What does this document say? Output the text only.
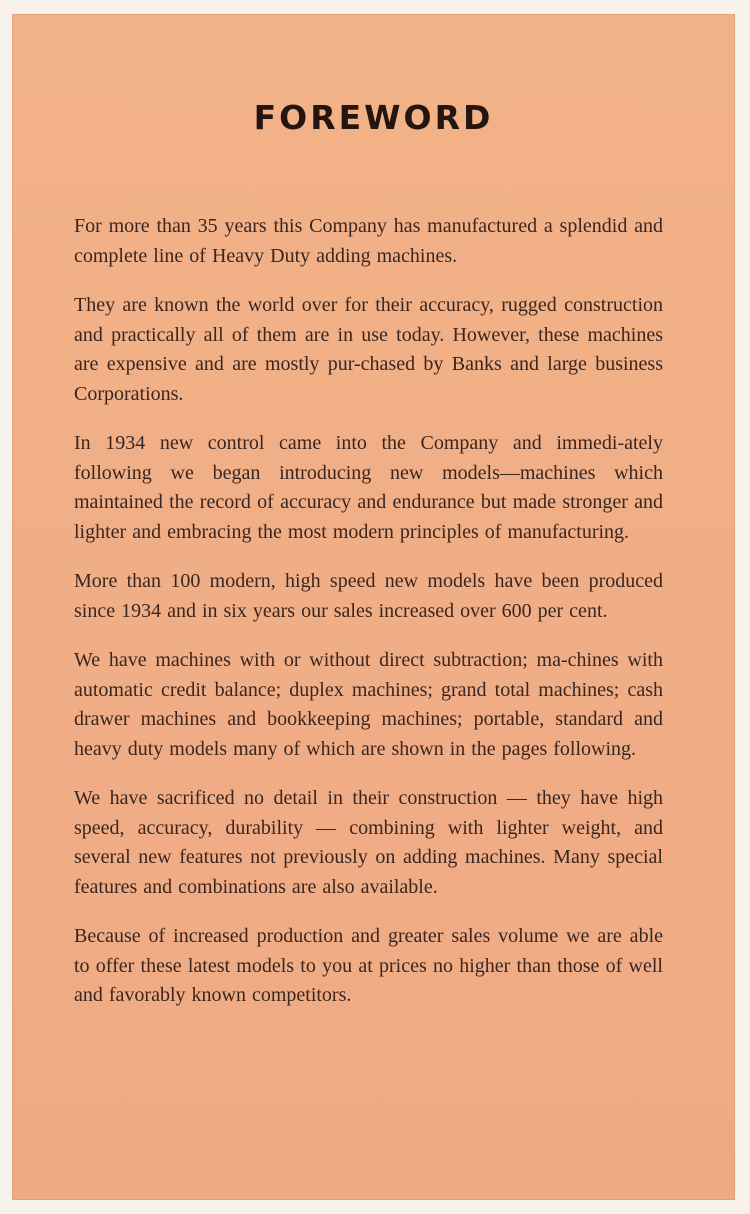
FOREWORD

For more than 35 years this Company has manufactured a splendid and complete line of Heavy Duty adding machines.

They are known the world over for their accuracy, rugged construction and practically all of them are in use today. However, these machines are expensive and are mostly pur-chased by Banks and large business Corporations.

In 1934 new control came into the Company and immedi-ately following we began introducing new models—machines which maintained the record of accuracy and endurance but made stronger and lighter and embracing the most modern principles of manufacturing.

More than 100 modern, high speed new models have been produced since 1934 and in six years our sales increased over 600 per cent.

We have machines with or without direct subtraction; ma-chines with automatic credit balance; duplex machines; grand total machines; cash drawer machines and bookkeeping machines; portable, standard and heavy duty models many of which are shown in the pages following.

We have sacrificed no detail in their construction — they have high speed, accuracy, durability — combining with lighter weight, and several new features not previously on adding machines. Many special features and combinations are also available.

Because of increased production and greater sales volume we are able to offer these latest models to you at prices no higher than those of well and favorably known competitors.
